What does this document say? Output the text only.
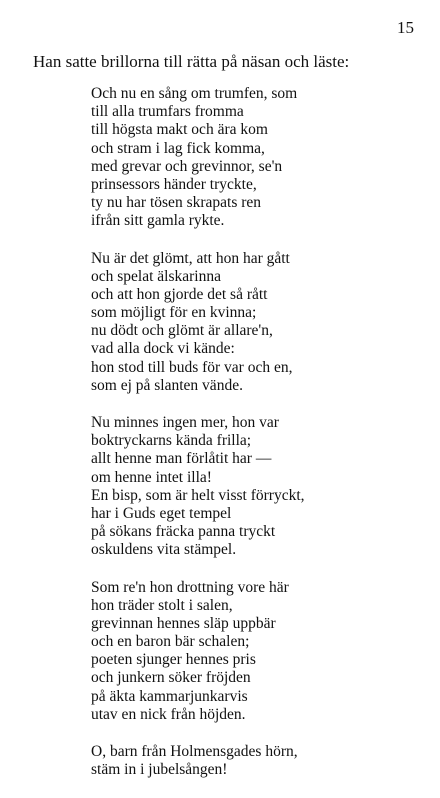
15
Han satte brillorna till rätta på näsan och läste:
Och nu en sång om trumfen, som
till alla trumfars fromma
till högsta makt och ära kom
och stram i lag fick komma,
med grevar och grevinnor, se'n
prinsessors händer tryckte,
ty nu har tösen skrapats ren
ifrån sitt gamla rykte.
Nu är det glömt, att hon har gått
och spelat älskarinna
och att hon gjorde det så rått
som möjligt för en kvinna;
nu dödt och glömt är allare'n,
vad alla dock vi kände:
hon stod till buds för var och en,
som ej på slanten vände.
Nu minnes ingen mer, hon var
boktryckarns kända frilla;
allt henne man förlåtit har —
om henne intet illa!
En bisp, som är helt visst förryckt,
har i Guds eget tempel
på sökans fräcka panna tryckt
oskuldens vita stämpel.
Som re'n hon drottning vore här
hon träder stolt i salen,
grevinnan hennes släp uppbär
och en baron bär schalen;
poeten sjunger hennes pris
och junkern söker fröjden
på äkta kammarjunkarvis
utav en nick från höjden.
O, barn från Holmensgades hörn,
stäm in i jubelsången!
